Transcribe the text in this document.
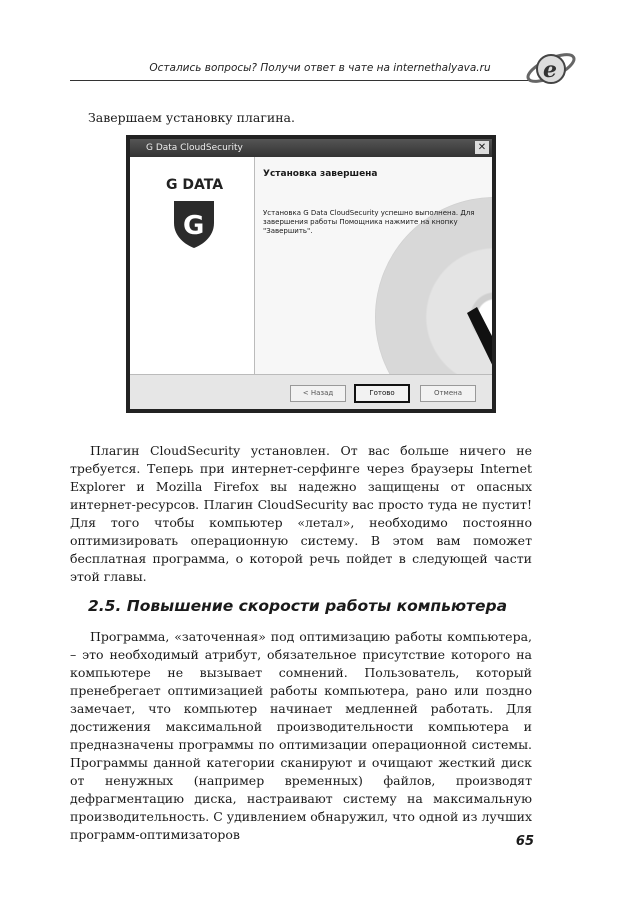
Остались вопросы? Получи ответ в чате на internethalyava.ru	e
Завершаем установку плагина.
G Data CloudSecurity	✕
G DATA
G
Установка завершена
Установка G Data CloudSecurity успешно выполнена. Для
завершения работы Помощника нажмите на кнопку
"Завершить".
< Назад	Готово	Отмена

Плагин CloudSecurity установлен. От вас больше ничего не требуется. Теперь при интернет-серфинге через браузеры Internet Explorer и Mozilla Firefox вы надежно защищены от опасных интернет-ресурсов. Плагин CloudSecurity вас просто туда не пустит! Для того чтобы компьютер «летал», необходимо постоянно оптимизировать операционную систему. В этом вам поможет бесплатная программа, о которой речь пойдет в следующей части этой главы.

2.5. Повышение скорости работы компьютера

Программа, «заточенная» под оптимизацию работы компьютера, – это необходимый атрибут, обязательное присутствие которого на компьютере не вызывает сомнений. Пользователь, который пренебрегает оптимизацией работы компьютера, рано или поздно замечает, что компьютер начинает медленней работать. Для достижения максимальной производительности компьютера и предназначены программы по оптимизации операционной системы. Программы данной категории сканируют и очищают жесткий диск от ненужных (например временных) файлов, производят дефрагментацию диска, настраивают систему на максимальную производительность. С удивлением обнаружил, что одной из лучших программ-оптимизаторов	65
